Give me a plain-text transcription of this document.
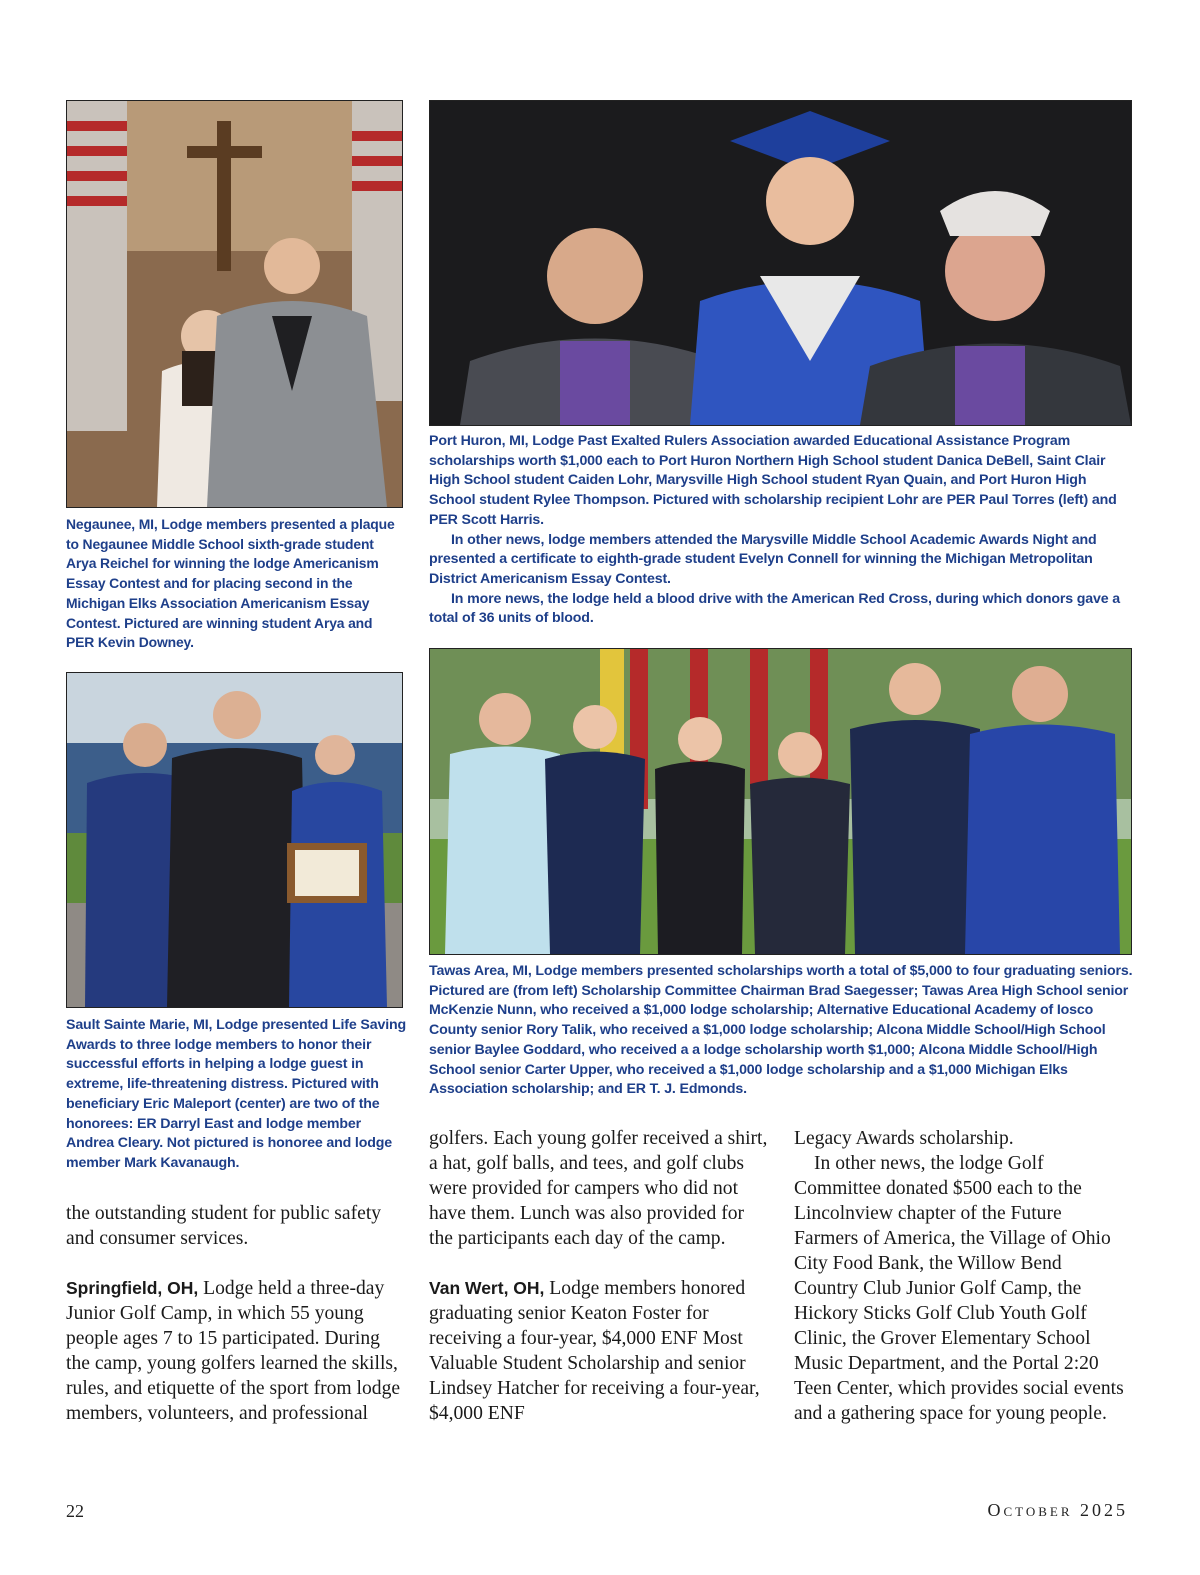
Negaunee, MI, Lodge members presented a plaque to Negaunee Middle School sixth-grade student Arya Reichel for winning the lodge Americanism Essay Contest and for placing second in the Michigan Elks Association Americanism Essay Contest. Pictured are winning student Arya and PER Kevin Downey.

Port Huron, MI, Lodge Past Exalted Rulers Association awarded Educational Assistance Program scholarships worth $1,000 each to Port Huron Northern High School student Danica DeBell, Saint Clair High School student Caiden Lohr, Marysville High School student Ryan Quain, and Port Huron High School student Rylee Thompson. Pictured with scholarship recipient Lohr are PER Paul Torres (left) and PER Scott Harris.

In other news, lodge members attended the Marysville Middle School Academic Awards Night and presented a certificate to eighth-grade student Evelyn Connell for winning the Michigan Metropolitan District Americanism Essay Contest.

In more news, the lodge held a blood drive with the American Red Cross, during which donors gave a total of 36 units of blood.

Sault Sainte Marie, MI, Lodge presented Life Saving Awards to three lodge members to honor their successful efforts in helping a lodge guest in extreme, life-threatening distress. Pictured with beneficiary Eric Maleport (center) are two of the honorees: ER Darryl East and lodge member Andrea Cleary. Not pictured is honoree and lodge member Mark Kavanaugh.

Tawas Area, MI, Lodge members presented scholarships worth a total of $5,000 to four graduating seniors. Pictured are (from left) Scholarship Committee Chairman Brad Saegesser; Tawas Area High School senior McKenzie Nunn, who received a $1,000 lodge scholarship; Alternative Educational Academy of Iosco County senior Rory Talik, who received a $1,000 lodge scholarship; Alcona Middle School/High School senior Baylee Goddard, who received a a lodge scholarship worth $1,000; Alcona Middle School/High School senior Carter Upper, who received a $1,000 lodge scholarship and a $1,000 Michigan Elks Association scholarship; and ER T. J. Edmonds.

the outstanding student for public safety and consumer services.

Springfield, OH, Lodge held a three-day Junior Golf Camp, in which 55 young people ages 7 to 15 participated. During the camp, young golfers learned the skills, rules, and etiquette of the sport from lodge members, volunteers, and professional

golfers. Each young golfer received a shirt, a hat, golf balls, and tees, and golf clubs were provided for campers who did not have them. Lunch was also provided for the participants each day of the camp.

Van Wert, OH, Lodge members honored graduating senior Keaton Foster for receiving a four-year, $4,000 ENF Most Valuable Student Scholarship and senior Lindsey Hatcher for receiving a four-year, $4,000 ENF

Legacy Awards scholarship.

In other news, the lodge Golf Committee donated $500 each to the Lincolnview chapter of the Future Farmers of America, the Village of Ohio City Food Bank, the Willow Bend Country Club Junior Golf Camp, the Hickory Sticks Golf Club Youth Golf Clinic, the Grover Elementary School Music Department, and the Portal 2:20 Teen Center, which provides social events and a gathering space for young people.

22	October 2025
